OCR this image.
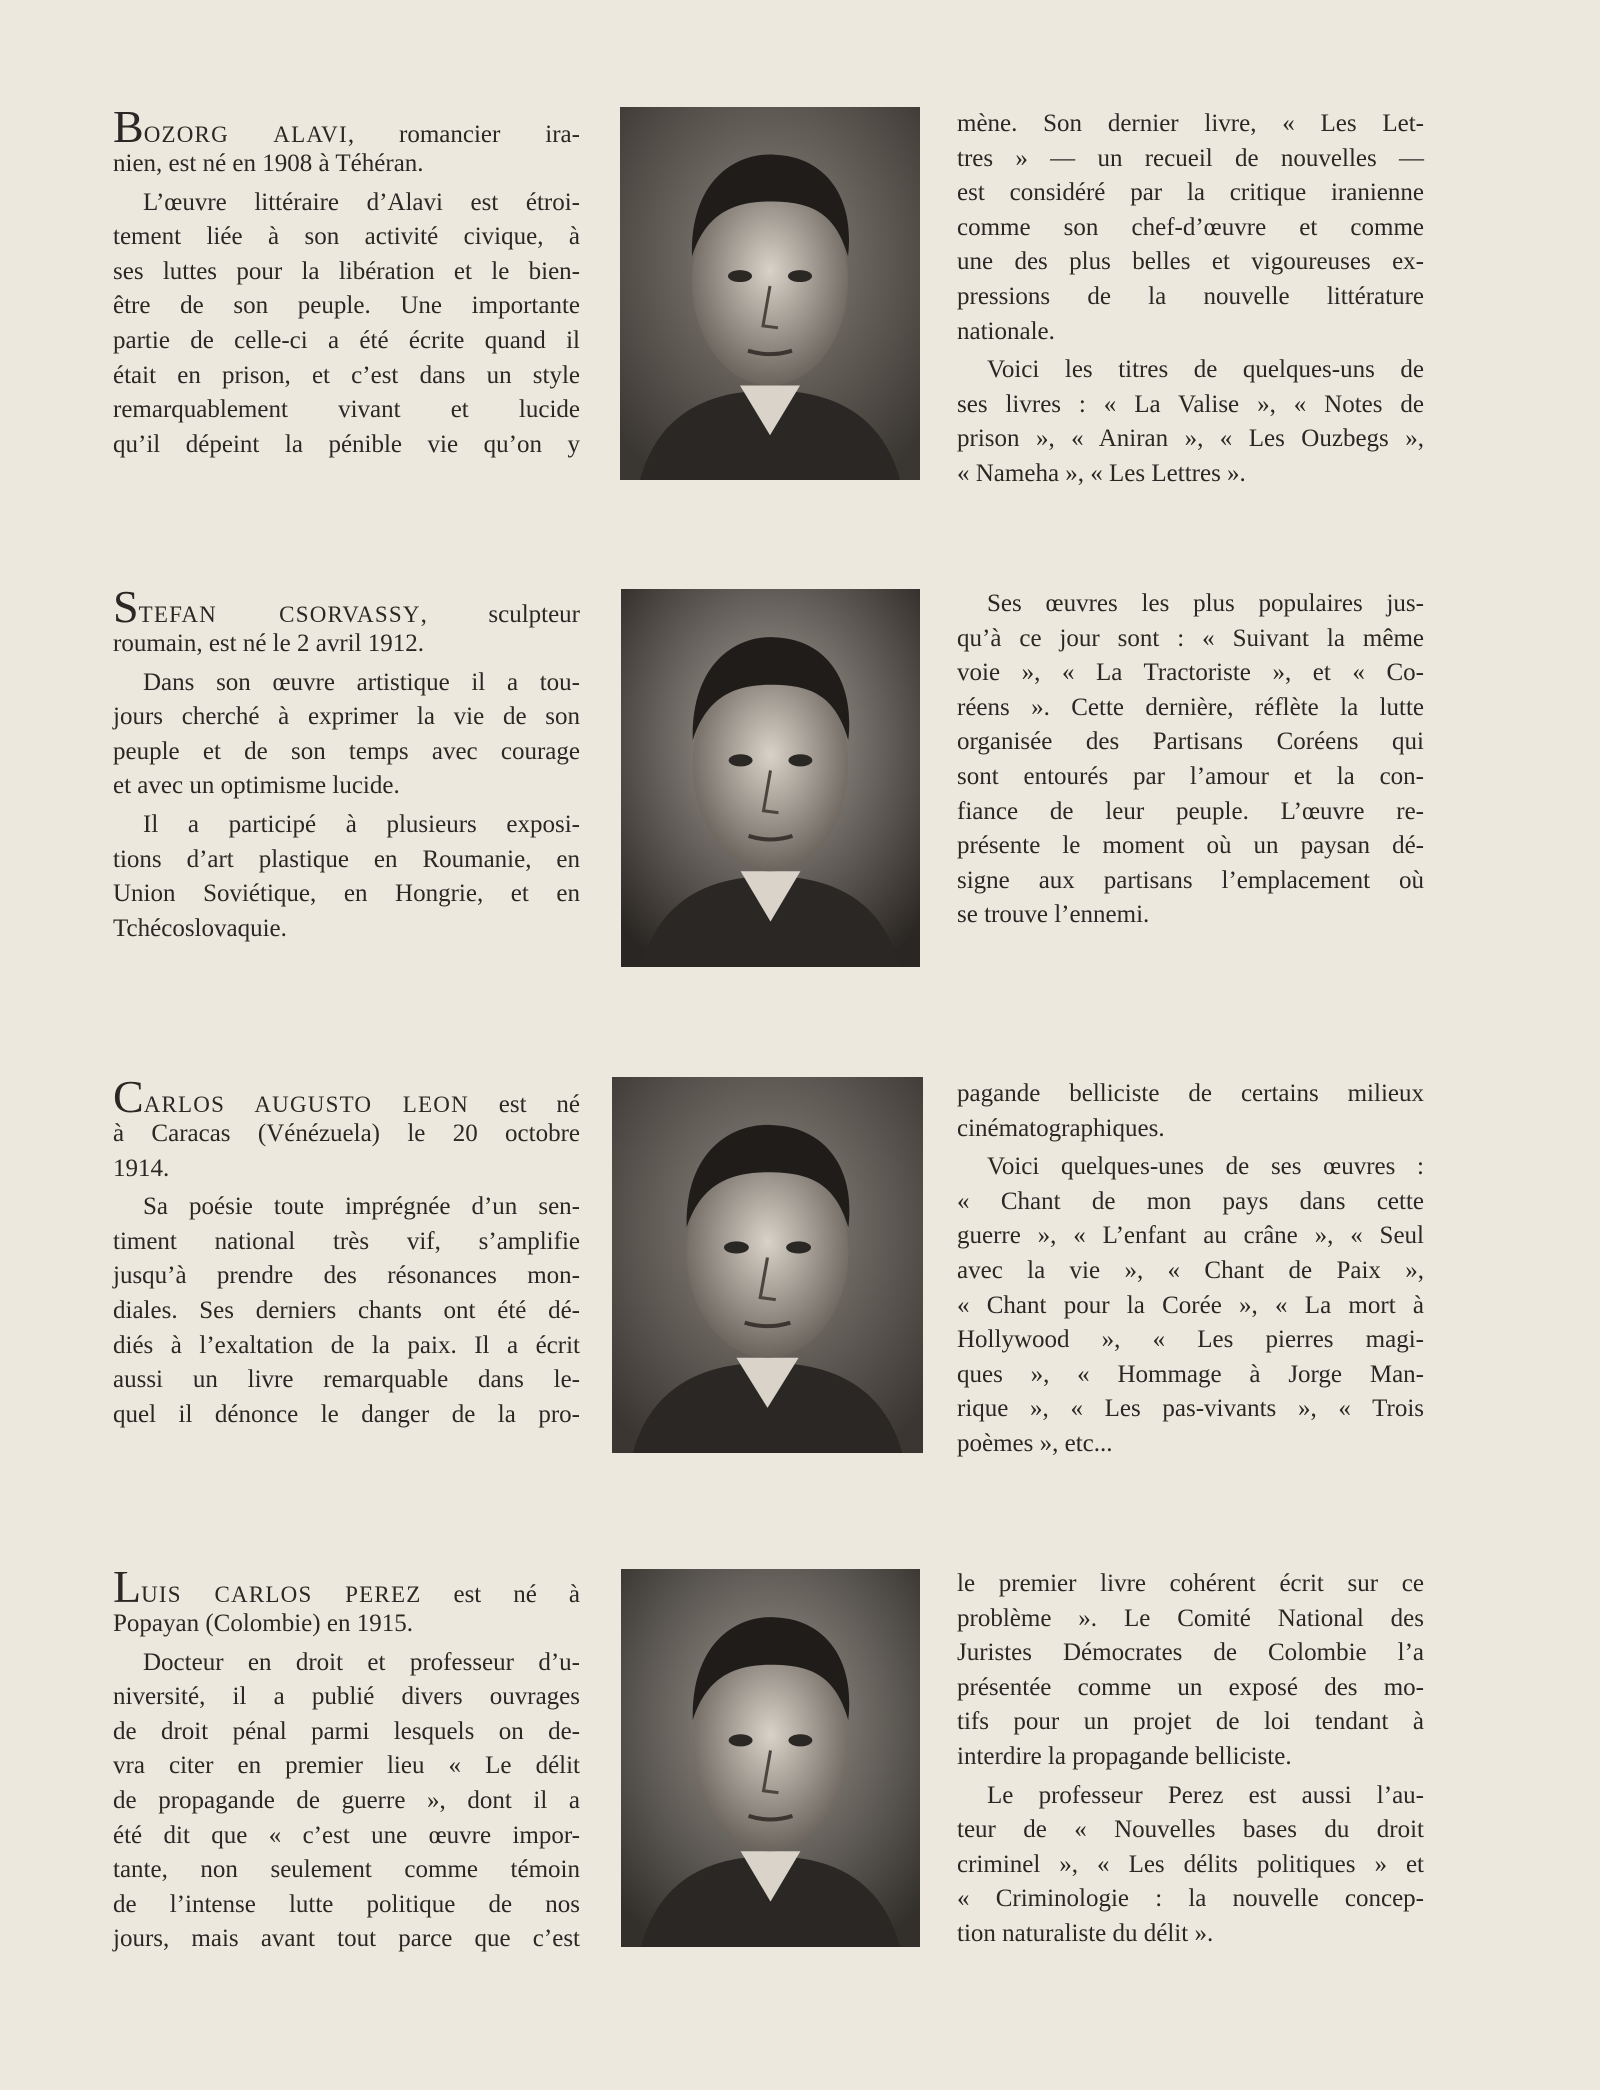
BOZORG ALAVI, romancier ira-
nien, est né en 1908 à Téhéran.
L’œuvre littéraire d’Alavi est étroi-
tement liée à son activité civique, à
ses luttes pour la libération et le bien-
être de son peuple. Une importante
partie de celle-ci a été écrite quand il
était en prison, et c’est dans un style
remarquablement vivant et lucide
qu’il dépeint la pénible vie qu’on y
mène. Son dernier livre, « Les Let-
tres » — un recueil de nouvelles —
est considéré par la critique iranienne
comme son chef-d’œuvre et comme
une des plus belles et vigoureuses ex-
pressions de la nouvelle littérature
nationale.
Voici les titres de quelques-uns de
ses livres : « La Valise », « Notes de
prison », « Aniran », « Les Ouzbegs »,
« Nameha », « Les Lettres ».
STEFAN CSORVASSY, sculpteur
roumain, est né le 2 avril 1912.
Dans son œuvre artistique il a tou-
jours cherché à exprimer la vie de son
peuple et de son temps avec courage
et avec un optimisme lucide.
Il a participé à plusieurs exposi-
tions d’art plastique en Roumanie, en
Union Soviétique, en Hongrie, et en
Tchécoslovaquie.
Ses œuvres les plus populaires jus-
qu’à ce jour sont : « Suivant la même
voie », « La Tractoriste », et « Co-
réens ». Cette dernière, réflète la lutte
organisée des Partisans Coréens qui
sont entourés par l’amour et la con-
fiance de leur peuple. L’œuvre re-
présente le moment où un paysan dé-
signe aux partisans l’emplacement où
se trouve l’ennemi.
CARLOS AUGUSTO LEON est né
à Caracas (Vénézuela) le 20 octobre
1914.
Sa poésie toute imprégnée d’un sen-
timent national très vif, s’amplifie
jusqu’à prendre des résonances mon-
diales. Ses derniers chants ont été dé-
diés à l’exaltation de la paix. Il a écrit
aussi un livre remarquable dans le-
quel il dénonce le danger de la pro-
pagande belliciste de certains milieux
cinématographiques.
Voici quelques-unes de ses œuvres :
« Chant de mon pays dans cette
guerre », « L’enfant au crâne », « Seul
avec la vie », « Chant de Paix »,
« Chant pour la Corée », « La mort à
Hollywood », « Les pierres magi-
ques », « Hommage à Jorge Man-
rique », « Les pas-vivants », « Trois
poèmes », etc...
LUIS CARLOS PEREZ est né à
Popayan (Colombie) en 1915.
Docteur en droit et professeur d’u-
niversité, il a publié divers ouvrages
de droit pénal parmi lesquels on de-
vra citer en premier lieu « Le délit
de propagande de guerre », dont il a
été dit que « c’est une œuvre impor-
tante, non seulement comme témoin
de l’intense lutte politique de nos
jours, mais avant tout parce que c’est
le premier livre cohérent écrit sur ce
problème ». Le Comité National des
Juristes Démocrates de Colombie l’a
présentée comme un exposé des mo-
tifs pour un projet de loi tendant à
interdire la propagande belliciste.
Le professeur Perez est aussi l’au-
teur de « Nouvelles bases du droit
criminel », « Les délits politiques » et
« Criminologie : la nouvelle concep-
tion naturaliste du délit ».
